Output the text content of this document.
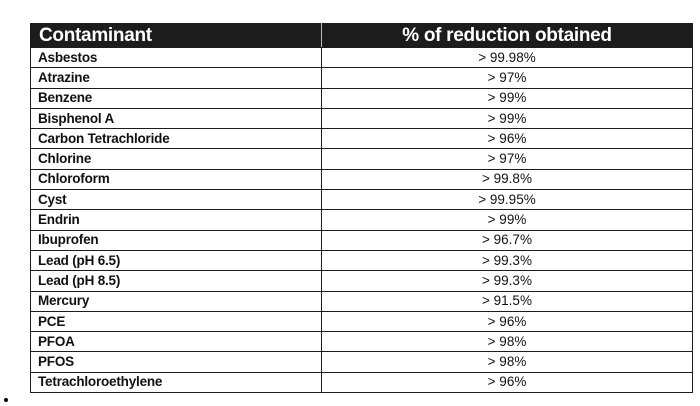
Contaminant	% of reduction obtained
Asbestos	> 99.98%
Atrazine	> 97%
Benzene	> 99%
Bisphenol A	> 99%
Carbon Tetrachloride	> 96%
Chlorine	> 97%
Chloroform	> 99.8%
Cyst	> 99.95%
Endrin	> 99%
Ibuprofen	> 96.7%
Lead (pH 6.5)	> 99.3%
Lead (pH 8.5)	> 99.3%
Mercury	> 91.5%
PCE	> 96%
PFOA	> 98%
PFOS	> 98%
Tetrachloroethylene	> 96%
